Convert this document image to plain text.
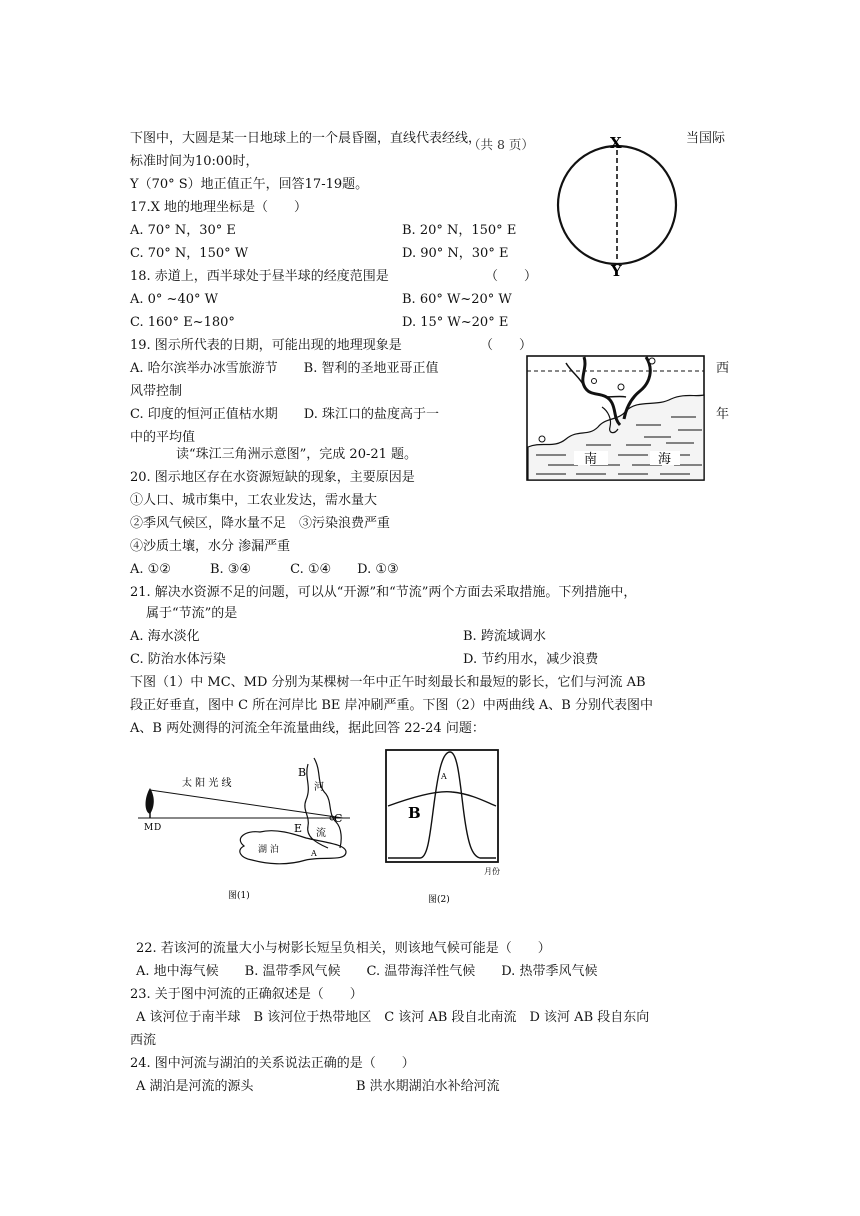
下图中，大圆是某一日地球上的一个晨昏圈，直线代表经线，
（共 8 页）	当国际
标准时间为10:00时，
Y（70° S）地正值正午，回答17-19题。
X
Y
17.X 地的地理坐标是（　　）
A. 70° N，30° E	B. 20° N，150° E
C. 70° N，150° W	D. 90° N，30° E
18. 赤道上，西半球处于昼半球的经度范围是	（　　）
A. 0° ~40° W	B. 60° W~20° W
C. 160° E~180°	D. 15° W~20° E
19. 图示所代表的日期，可能出现的地理现象是	（　　）
A. 哈尔滨举办冰雪旅游节　　B. 智利的圣地亚哥正值	西
风带控制
C. 印度的恒河正值枯水期　　D. 珠江口的盐度高于一	年
中的平均值
南	海
读“珠江三角洲示意图”，完成 20-21 题。
20. 图示地区存在水资源短缺的现象，主要原因是
①人口、城市集中，工农业发达，需水量大
②季风气候区，降水量不足　③污染浪费严重
④沙质土壤，水分 渗漏严重
A. ①②　　　B. ③④　　　C. ①④　　D. ①③
21. 解决水资源不足的问题，可以从“开源”和“节流”两个方面去采取措施。下列措施中，
属于“节流”的是
A. 海水淡化	B. 跨流域调水
C. 防治水体污染	D. 节约用水，减少浪费
下图（1）中 MC、MD 分别为某棵树一年中正午时刻最长和最短的影长，它们与河流 AB
段正好垂直，图中 C 所在河岸比 BE 岸冲刷严重。下图（2）中两曲线 A、B 分别代表图中
A、B 两处测得的河流全年流量曲线，据此回答 22-24 问题：
太 阳 光 线
B
河
流
E
C
M D
湖 泊	A
图(1)
A
B
月份
图(2)
22. 若该河的流量大小与树影长短呈负相关，则该地气候可能是（　　）
A. 地中海气候　　B. 温带季风气候　　C. 温带海洋性气候　　D. 热带季风气候
23. 关于图中河流的正确叙述是（　　）
A 该河位于南半球　B 该河位于热带地区　C 该河 AB 段自北南流　D 该河 AB 段自东向
西流
24. 图中河流与湖泊的关系说法正确的是（　　）
A 湖泊是河流的源头	B 洪水期湖泊水补给河流
